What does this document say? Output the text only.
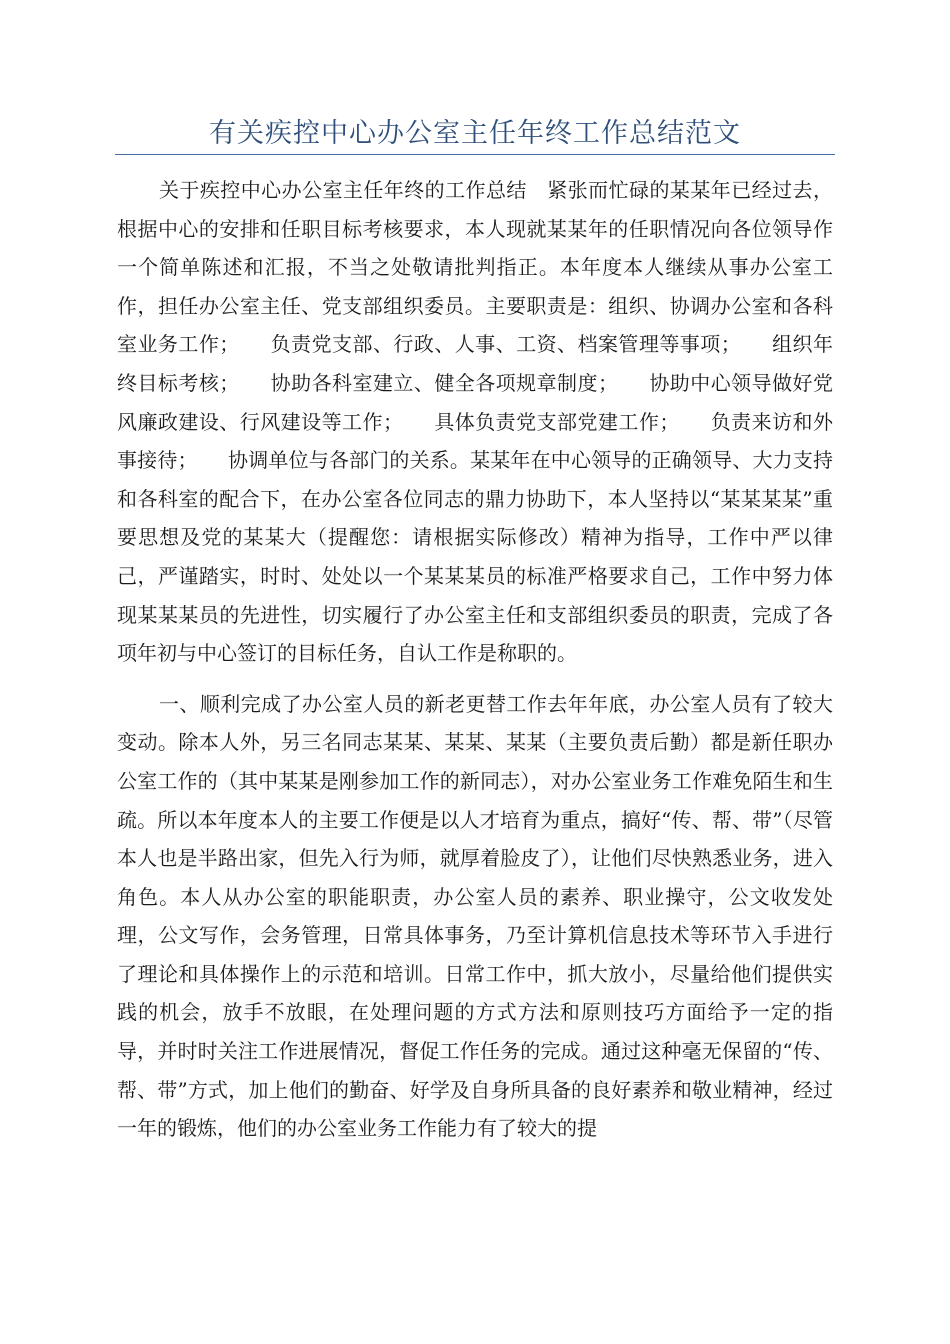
有关疾控中心办公室主任年终工作总结范文

关于疾控中心办公室主任年终的工作总结　紧张而忙碌的某某年已经过去，根据中心的安排和任职目标考核要求，本人现就某某年的任职情况向各位领导作一个简单陈述和汇报，不当之处敬请批判指正。本年度本人继续从事办公室工作，担任办公室主任、党支部组织委员。主要职责是：组织、协调办公室和各科室业务工作；　　负责党支部、行政、人事、工资、档案管理等事项；　　组织年终目标考核；　　协助各科室建立、健全各项规章制度；　　协助中心领导做好党风廉政建设、行风建设等工作；　　具体负责党支部党建工作；　　负责来访和外事接待；　　协调单位与各部门的关系。某某年在中心领导的正确领导、大力支持和各科室的配合下，在办公室各位同志的鼎力协助下，本人坚持以“某某某某”重要思想及党的某某大（提醒您：请根据实际修改）精神为指导，工作中严以律己，严谨踏实，时时、处处以一个某某某员的标准严格要求自己，工作中努力体现某某某员的先进性，切实履行了办公室主任和支部组织委员的职责，完成了各项年初与中心签订的目标任务，自认工作是称职的。

一、顺利完成了办公室人员的新老更替工作去年年底，办公室人员有了较大变动。除本人外，另三名同志某某、某某、某某（主要负责后勤）都是新任职办公室工作的（其中某某是刚参加工作的新同志），对办公室业务工作难免陌生和生疏。所以本年度本人的主要工作便是以人才培育为重点，搞好“传、帮、带”（尽管本人也是半路出家，但先入行为师，就厚着脸皮了），让他们尽快熟悉业务，进入角色。本人从办公室的职能职责，办公室人员的素养、职业操守，公文收发处理，公文写作，会务管理，日常具体事务，乃至计算机信息技术等环节入手进行了理论和具体操作上的示范和培训。日常工作中，抓大放小，尽量给他们提供实践的机会，放手不放眼，在处理问题的方式方法和原则技巧方面给予一定的指导，并时时关注工作进展情况，督促工作任务的完成。通过这种毫无保留的“传、帮、带”方式，加上他们的勤奋、好学及自身所具备的良好素养和敬业精神，经过一年的锻炼，他们的办公室业务工作能力有了较大的提
